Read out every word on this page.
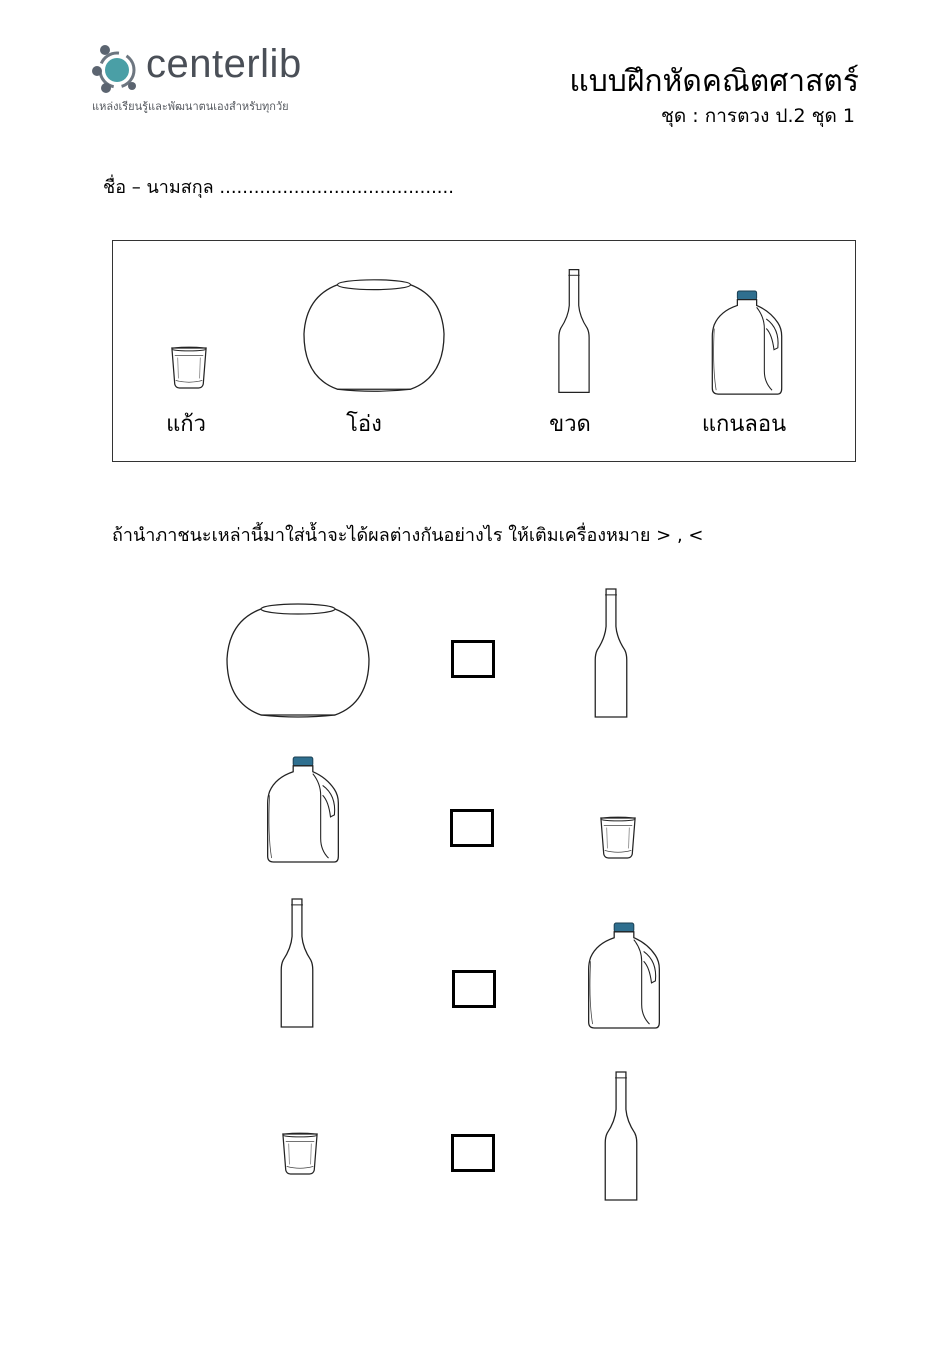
centerlib
แหล่งเรียนรู้และพัฒนาตนเองสำหรับทุกวัย
แบบฝึกหัดคณิตศาสตร์
ชุด : การตวง ป.2 ชุด 1
ชื่อ – นามสกุล .........................................
แก้ว	โอ่ง	ขวด	แกนลอน
ถ้านำภาชนะเหล่านี้มาใส่น้ำจะได้ผลต่างกันอย่างไร ให้เติมเครื่องหมาย > , <
